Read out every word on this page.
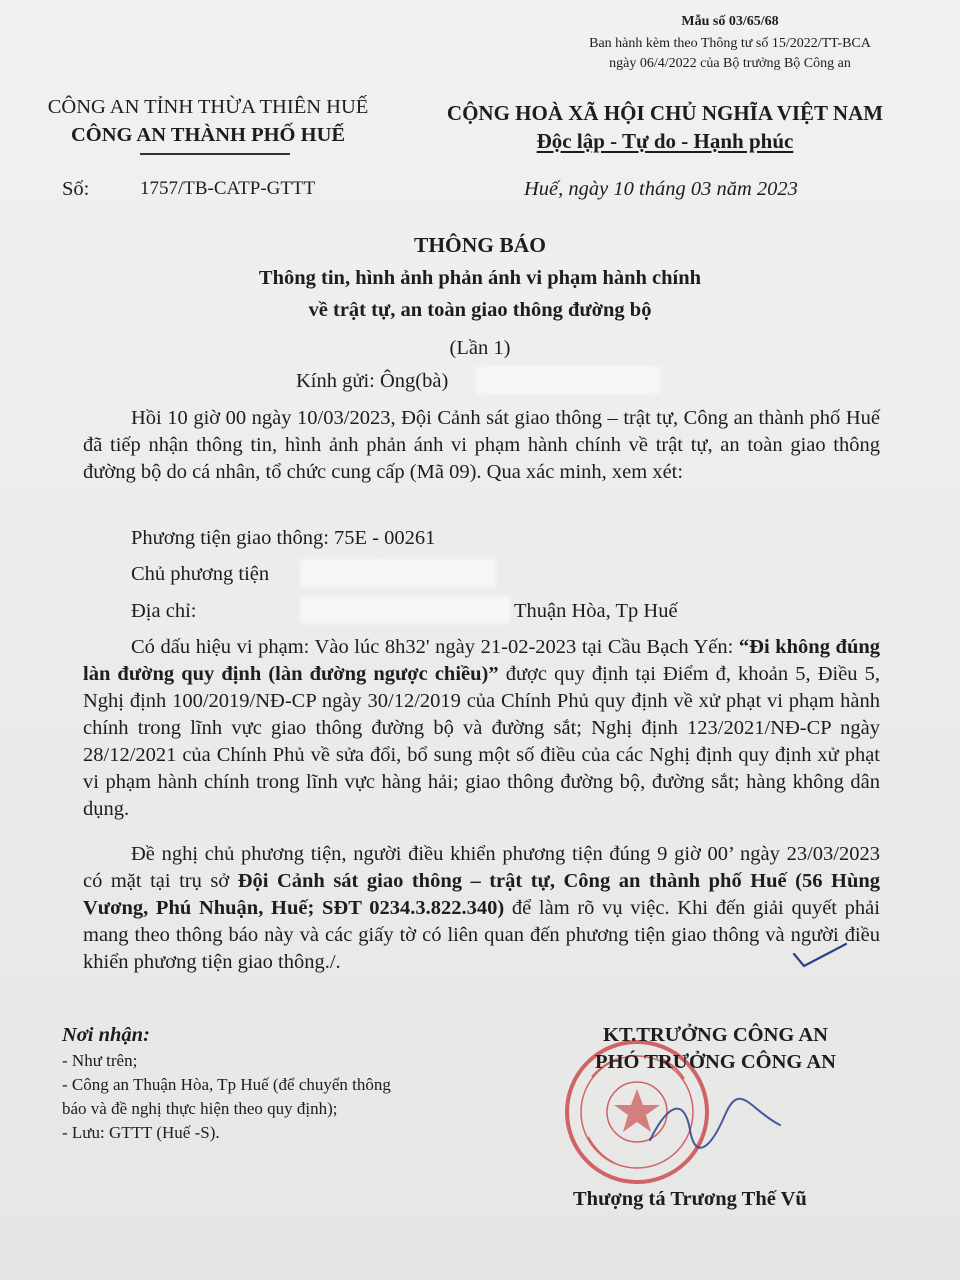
Mẫu số 03/65/68
Ban hành kèm theo Thông tư số 15/2022/TT-BCA
ngày 06/4/2022 của Bộ trưởng Bộ Công an
CÔNG AN TỈNH THỪA THIÊN HUẾ
CÔNG AN THÀNH PHỐ HUẾ
CỘNG HOÀ XÃ HỘI CHỦ NGHĨA VIỆT NAM
Độc lập - Tự do - Hạnh phúc
Số:	1757/TB-CATP-GTTT	Huế, ngày 10 tháng 03 năm 2023
THÔNG BÁO
Thông tin, hình ảnh phản ánh vi phạm hành chính
về trật tự, an toàn giao thông đường bộ
(Lần 1)
Kính gửi: Ông(bà)

Hồi 10 giờ 00 ngày 10/03/2023, Đội Cảnh sát giao thông – trật tự, Công an thành phố Huế đã tiếp nhận thông tin, hình ảnh phản ánh vi phạm hành chính về trật tự, an toàn giao thông đường bộ do cá nhân, tổ chức cung cấp (Mã 09). Qua xác minh, xem xét:

Phương tiện giao thông: 75E - 00261
Chủ phương tiện
Địa chỉ:	Thuận Hòa, Tp Huế

Có dấu hiệu vi phạm: Vào lúc 8h32' ngày 21-02-2023 tại Cầu Bạch Yến: “Đi không đúng làn đường quy định (làn đường ngược chiều)” được quy định tại Điểm đ, khoản 5, Điều 5, Nghị định 100/2019/NĐ-CP ngày 30/12/2019 của Chính Phủ quy định về xử phạt vi phạm hành chính trong lĩnh vực giao thông đường bộ và đường sắt; Nghị định 123/2021/NĐ-CP ngày 28/12/2021 của Chính Phủ về sửa đổi, bổ sung một số điều của các Nghị định quy định xử phạt vi phạm hành chính trong lĩnh vực hàng hải; giao thông đường bộ, đường sắt; hàng không dân dụng.

Đề nghị chủ phương tiện, người điều khiển phương tiện đúng 9 giờ 00’ ngày 23/03/2023 có mặt tại trụ sở Đội Cảnh sát giao thông – trật tự, Công an thành phố Huế (56 Hùng Vương, Phú Nhuận, Huế; SĐT 0234.3.822.340) để làm rõ vụ việc. Khi đến giải quyết phải mang theo thông báo này và các giấy tờ có liên quan đến phương tiện giao thông và người điều khiển phương tiện giao thông./.

Nơi nhận:
- Như trên;
- Công an Thuận Hòa, Tp Huế (để chuyển thông
báo và đề nghị thực hiện theo quy định);
- Lưu: GTTT (Huế -S).
KT.TRƯỞNG CÔNG AN
PHÓ TRƯỞNG CÔNG AN
Thượng tá Trương Thế Vũ
